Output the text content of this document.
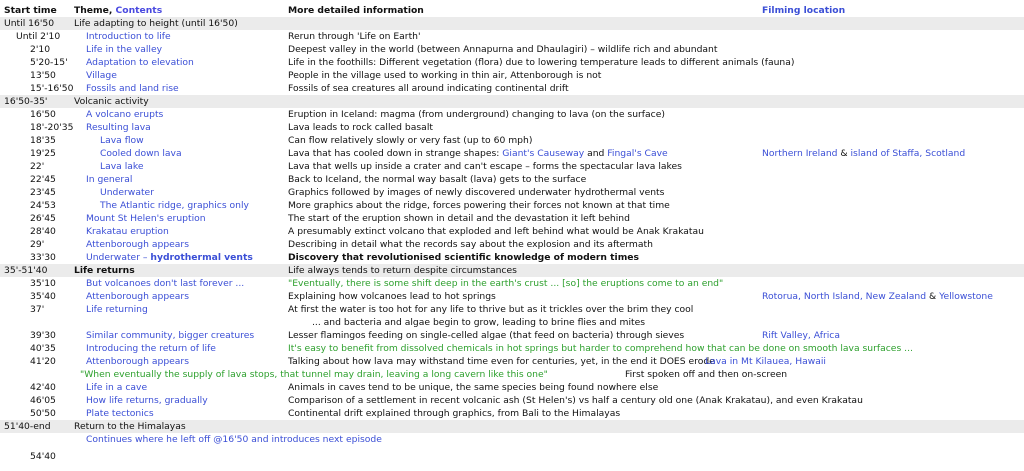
Start time Theme, Contents	More detailed information	Filming location
Until 16'50 Life adapting to height (until 16'50)
Until 2'10	Introduction to life	Rerun through 'Life on Earth'
2'10	Life in the valley	Deepest valley in the world (between Annapurna and Dhaulagiri) – wildlife rich and abundant
5'20-15'	Adaptation to elevation	Life in the foothills: Different vegetation (flora) due to lowering temperature leads to different animals (fauna)
13'50	Village	People in the village used to working in thin air, Attenborough is not
15'-16'50	Fossils and land rise	Fossils of sea creatures all around indicating continental drift
16'50-35'	Volcanic activity
16'50	A volcano erupts	Eruption in Iceland: magma (from underground) changing to lava (on the surface)
18'-20'35	Resulting lava	Lava leads to rock called basalt
18'35	Lava flow	Can flow relatively slowly or very fast (up to 60 mph)
19'25	Cooled down lava	Lava that has cooled down in strange shapes: Giant's Causeway and Fingal's Cave	Northern Ireland & island of Staffa, Scotland
22'	Lava lake	Lava that wells up inside a crater and can't escape – forms the spectacular lava lakes
22'45	In general	Back to Iceland, the normal way basalt (lava) gets to the surface
23'45	Underwater	Graphics followed by images of newly discovered underwater hydrothermal vents
24'53	The Atlantic ridge, graphics only	More graphics about the ridge, forces powering their forces not known at that time
26'45	Mount St Helen's eruption	The start of the eruption shown in detail and the devastation it left behind
28'40	Krakatau eruption	A presumably extinct volcano that exploded and left behind what would be Anak Krakatau
29'	Attenborough appears	Describing in detail what the records say about the explosion and its aftermath
33'30	Underwater – hydrothermal vents	Discovery that revolutionised scientific knowledge of modern times
35'-51'40	Life returns	Life always tends to return despite circumstances
35'10	But volcanoes don't last forever ...	"Eventually, there is some shift deep in the earth's crust ... [so] the eruptions come to an end"
35'40	Attenborough appears	Explaining how volcanoes lead to hot springs	Rotorua, North Island, New Zealand & Yellowstone
37'	Life returning	At first the water is too hot for any life to thrive but as it trickles over the brim they cool
... and bacteria and algae begin to grow, leading to brine flies and mites
39'30	Similar community, bigger creatures	Lesser flamingos feeding on single-celled algae (that feed on bacteria) through sieves	Rift Valley, Africa
40'35	Introducing the return of life	It's easy to benefit from dissolved chemicals in hot springs but harder to comprehend how that can be done on smooth lava surfaces ...
41'20	Attenborough appears	Talking about how lava may withstand time even for centuries, yet, in the end it DOES erode
Lava in Mt Kilauea, Hawaii
"When eventually the supply of lava stops, that tunnel may drain, leaving a long cavern like this one"	First spoken off and then on-screen
42'40	Life in a cave	Animals in caves tend to be unique, the same species being found nowhere else
46'05	How life returns, gradually	Comparison of a settlement in recent volcanic ash (St Helen's) vs half a century old one (Anak Krakatau), and even Krakatau
50'50	Plate tectonics	Continental drift explained through graphics, from Bali to the Himalayas
51'40-end	Return to the Himalayas
Continues where he left off @16'50 and introduces next episode
54'40
